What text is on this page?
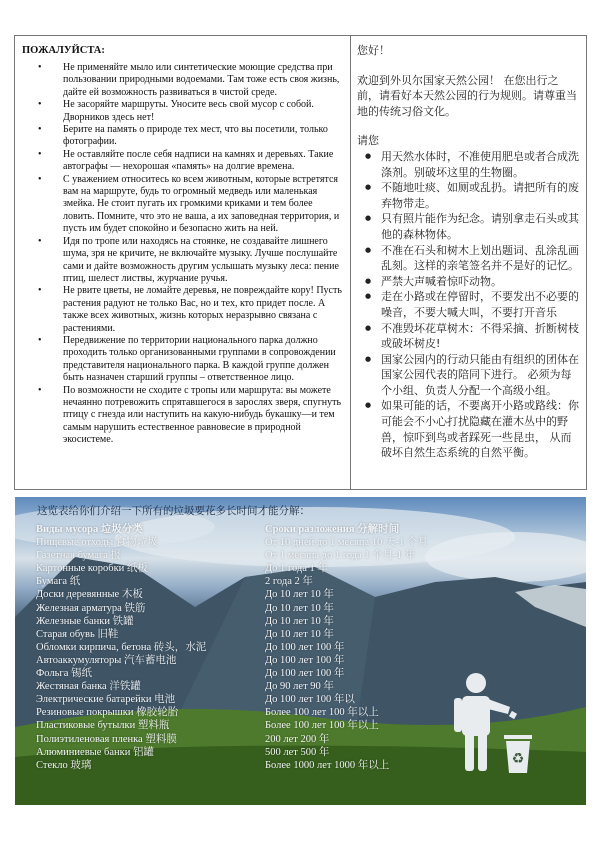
ПОЖАЛУЙСТА:
• Не применяйте мыло или синтетические моющие средства при пользовании природными водоемами. Там тоже есть своя жизнь, дайте ей возможность развиваться в чистой среде.
• Не засоряйте маршруты. Уносите весь свой мусор с собой. Дворников здесь нет!
• Берите на память о природе тех мест, что вы посетили, только фотографии.
• Не оставляйте после себя надписи на камнях и деревьях. Такие автографы — нехорошая «память» на долгие времена.
• С уважением относитесь ко всем животным, которые встретятся вам на маршруте, будь то огромный медведь или маленькая змейка. Не стоит пугать их громкими криками и тем более ловить. Помните, что это не ваша, а их заповедная территория, и пусть им будет спокойно и безопасно жить на ней.
• Идя по тропе или находясь на стоянке, не создавайте лишнего шума, зря не кричите, не включайте музыку. Лучше послушайте сами и дайте возможность другим услышать музыку леса: пение птиц, шелест листвы, журчание ручья.
• Не рвите цветы, не ломайте деревья, не повреждайте кору! Пусть растения радуют не только Вас, но и тех, кто придет после. А также всех животных, жизнь которых неразрывно связана с растениями.
• Передвижение по территории национального парка должно проходить только организованными группами в сопровождении представителя национального парка. В каждой группе должен быть назначен старший группы – ответственное лицо.
• По возможности не сходите с тропы или маршрута: вы можете нечаянно потревожить спрятавшегося в зарослях зверя, спугнуть птицу с гнезда или наступить на какую-нибудь букашку—и тем самым нарушить естественное равновесие в природной экосистеме.

您好！

欢迎到外贝尔国家天然公园！ 在您出行之前，请看好本天然公园的行为规则。请尊重当地的传统习俗文化。

请您
● 用天然水体时，不准使用肥皂或者合成洗涤剂。别破坏这里的生物圈。
● 不随地吐痰、如厕或乱扔。请把所有的废弃物带走。
● 只有照片能作为纪念。请别拿走石头或其他的森林物体。
● 不准在石头和树木上划出题词、乱涂乱画乱刻。这样的亲笔签名并不是好的记忆。
● 严禁大声喊着惊吓动物。
● 走在小路或在停留时，不要发出不必要的噪音，不要大喊大叫，不要打开音乐
● 不准毁坏花草树木：不得采摘、折断树枝或破坏树皮!
● 国家公园内的行动只能由有组织的团体在国家公园代表的陪同下进行。 必须为每个小组、负责人分配一个高级小组。
● 如果可能的话，不要离开小路或路线：你可能会不小心打扰隐藏在灌木丛中的野兽，惊吓到鸟或者踩死一些昆虫， 从而破坏自然生态系统的自然平衡。
这览表给你们介绍一下所有的垃圾要花多长时间才能分解：
Виды мусора 垃圾分类
Пищевые отходы 食物垃圾
Газетная бумага 报
Картонные коробки 纸板
Бумага 纸
Доски деревянные 木板
Железная арматура 铁筋
Железные банки 铁罐
Старая обувь 旧鞋
Обломки кирпича, бетона 砖头，水泥
Автоаккумуляторы 汽车蓄电池
Фольга 锡纸
Жестяная банка 洋铁罐
Электрические батарейки 电池
Резиновые покрышки 橡胶轮胎
Пластиковые бутылки 塑料瓶
Полиэтиленовая пленка 塑料膜
Алюминиевые банки 铝罐
Стекло 玻璃
Сроки разложения 分解时间
От 10 дней до 1 месяца 10 天-1 个月
От 1 месяца до 1 года 1 个月-1 年
До 1 года 1 年
2 года 2 年
До 10 лет 10 年
До 10 лет 10 年
До 10 лет 10 年
До 10 лет 10 年
До 100 лет 100 年
До 100 лет 100 年
До 100 лет 100 年
До 90 лет 90 年
До 100 лет 100 年以
Более 100 лет 100 年以上
Более 100 лет 100 年以上
200 лет 200 年
500 лет 500 年
Более 1000 лет 1000 年以上	♻
